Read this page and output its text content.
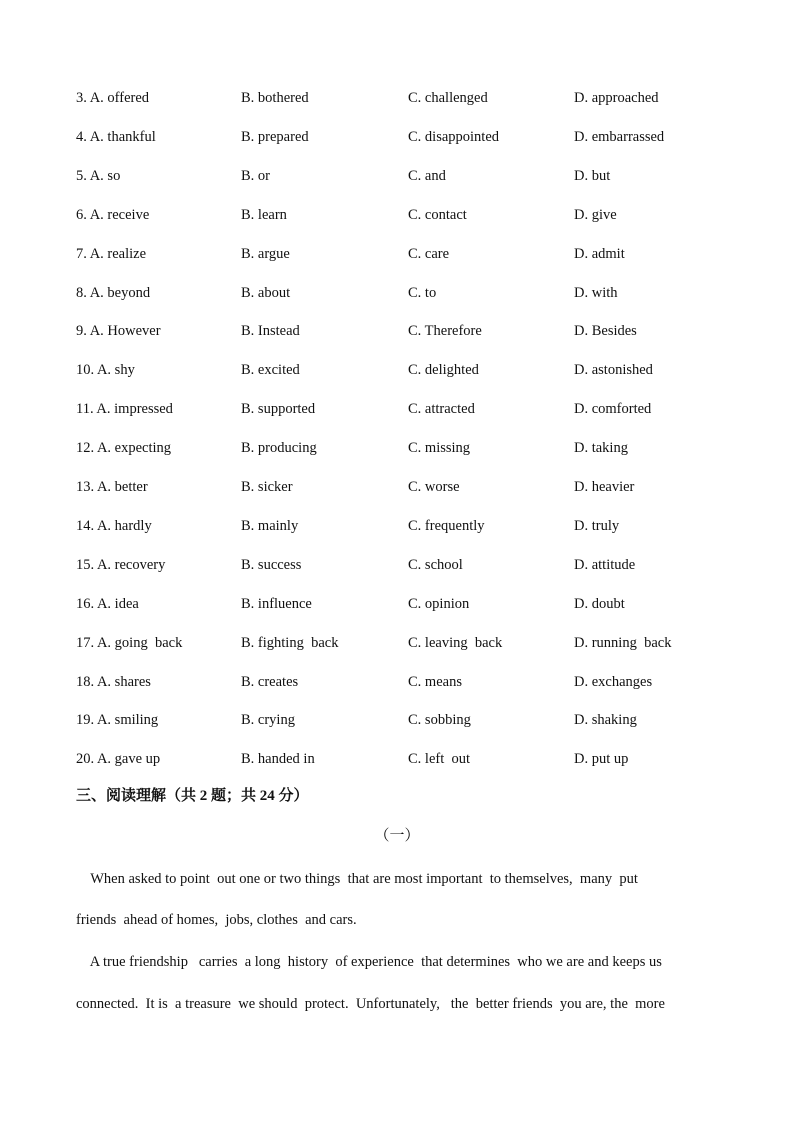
3. A. offered	B. bothered	C. challenged	D. approached
4. A. thankful	B. prepared	C. disappointed	D. embarrassed
5. A. so	B. or	C. and	D. but
6. A. receive	B. learn	C. contact	D. give
7. A. realize	B. argue	C. care	D. admit
8. A. beyond	B. about	C. to	D. with
9. A. However	B. Instead	C. Therefore	D. Besides
10. A. shy	B. excited	C. delighted	D. astonished
11. A. impressed	B. supported	C. attracted	D. comforted
12. A. expecting	B. producing	C. missing	D. taking
13. A. better	B. sicker	C. worse	D. heavier
14. A. hardly	B. mainly	C. frequently	D. truly
15. A. recovery	B. success	C. school	D. attitude
16. A. idea	B. influence	C. opinion	D. doubt
17. A. going  back	B. fighting  back	C. leaving  back	D. running  back
18. A. shares	B. creates	C. means	D. exchanges
19. A. smiling	B. crying	C. sobbing	D. shaking
20. A. gave up	B. handed in	C. left  out	D. put up
三、阅读理解（共 2 题；共 24 分）
（一）
When asked to point  out one or two things  that are most important  to themselves,  many  put
friends  ahead of homes,  jobs, clothes  and cars.
A true friendship   carries  a long  history  of experience  that determines  who we are and keeps us
connected.  It is  a treasure  we should  protect.  Unfortunately,   the  better friends  you are, the  more
